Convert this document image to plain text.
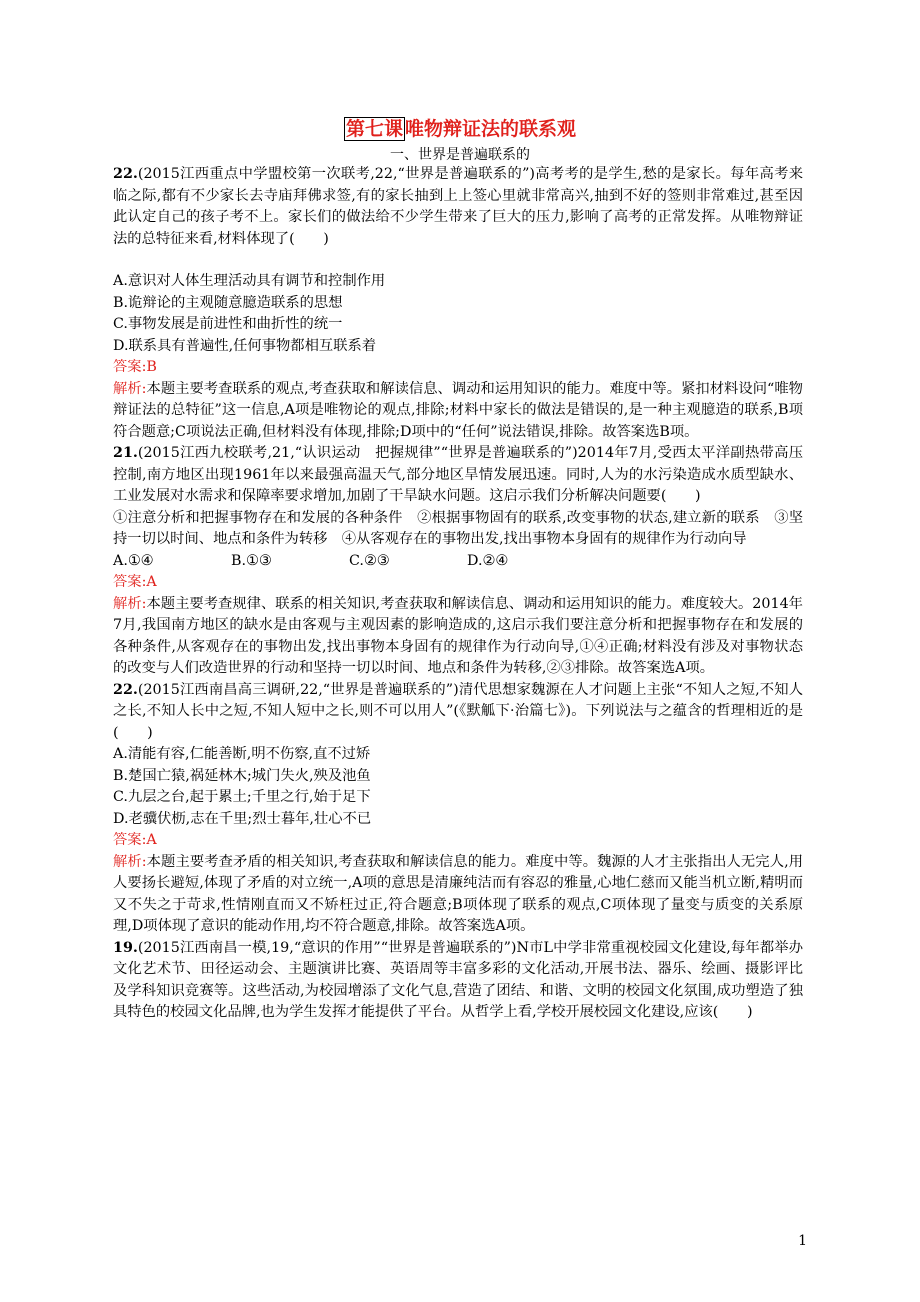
第七课 唯物辩证法的联系观
一、世界是普遍联系的

22.(2015江西重点中学盟校第一次联考,22,“世界是普遍联系的”)高考考的是学生,愁的是家长。每年高考来临之际,都有不少家长去寺庙拜佛求签,有的家长抽到上上签心里就非常高兴,抽到不好的签则非常难过,甚至因此认定自己的孩子考不上。家长们的做法给不少学生带来了巨大的压力,影响了高考的正常发挥。从唯物辩证法的总特征来看,材料体现了(　　)

A.意识对人体生理活动具有调节和控制作用

B.诡辩论的主观随意臆造联系的思想

C.事物发展是前进性和曲折性的统一

D.联系具有普遍性,任何事物都相互联系着

答案:B

解析:本题主要考查联系的观点,考查获取和解读信息、调动和运用知识的能力。难度中等。紧扣材料设问“唯物辩证法的总特征”这一信息,A项是唯物论的观点,排除;材料中家长的做法是错误的,是一种主观臆造的联系,B项符合题意;C项说法正确,但材料没有体现,排除;D项中的“任何”说法错误,排除。故答案选B项。

21.(2015江西九校联考,21,“认识运动　把握规律”“世界是普遍联系的”)2014年7月,受西太平洋副热带高压控制,南方地区出现1961年以来最强高温天气,部分地区旱情发展迅速。同时,人为的水污染造成水质型缺水、工业发展对水需求和保障率要求增加,加剧了干旱缺水问题。这启示我们分析解决问题要(　　)

①注意分析和把握事物存在和发展的各种条件　②根据事物固有的联系,改变事物的状态,建立新的联系　③坚持一切以时间、地点和条件为转移　④从客观存在的事物出发,找出事物本身固有的规律作为行动向导

A.①④	B.①③	C.②③	D.②④

答案:A

解析:本题主要考查规律、联系的相关知识,考查获取和解读信息、调动和运用知识的能力。难度较大。2014年7月,我国南方地区的缺水是由客观与主观因素的影响造成的,这启示我们要注意分析和把握事物存在和发展的各种条件,从客观存在的事物出发,找出事物本身固有的规律作为行动向导,①④正确;材料没有涉及对事物状态的改变与人们改造世界的行动和坚持一切以时间、地点和条件为转移,②③排除。故答案选A项。

22.(2015江西南昌高三调研,22,“世界是普遍联系的”)清代思想家魏源在人才问题上主张“不知人之短,不知人之长,不知人长中之短,不知人短中之长,则不可以用人”(《默觚下·治篇七》)。下列说法与之蕴含的哲理相近的是(　　)

A.清能有容,仁能善断,明不伤察,直不过矫

B.楚国亡猿,祸延林木;城门失火,殃及池鱼

C.九层之台,起于累土;千里之行,始于足下

D.老骥伏枥,志在千里;烈士暮年,壮心不已

答案:A

解析:本题主要考查矛盾的相关知识,考查获取和解读信息的能力。难度中等。魏源的人才主张指出人无完人,用人要扬长避短,体现了矛盾的对立统一,A项的意思是清廉纯洁而有容忍的雅量,心地仁慈而又能当机立断,精明而又不失之于苛求,性情刚直而又不矫枉过正,符合题意;B项体现了联系的观点,C项体现了量变与质变的关系原理,D项体现了意识的能动作用,均不符合题意,排除。故答案选A项。

19.(2015江西南昌一模,19,“意识的作用”“世界是普遍联系的”)N市L中学非常重视校园文化建设,每年都举办文化艺术节、田径运动会、主题演讲比赛、英语周等丰富多彩的文化活动,开展书法、器乐、绘画、摄影评比及学科知识竞赛等。这些活动,为校园增添了文化气息,营造了团结、和谐、文明的校园文化氛围,成功塑造了独具特色的校园文化品牌,也为学生发挥才能提供了平台。从哲学上看,学校开展校园文化建设,应该(　　)

1
